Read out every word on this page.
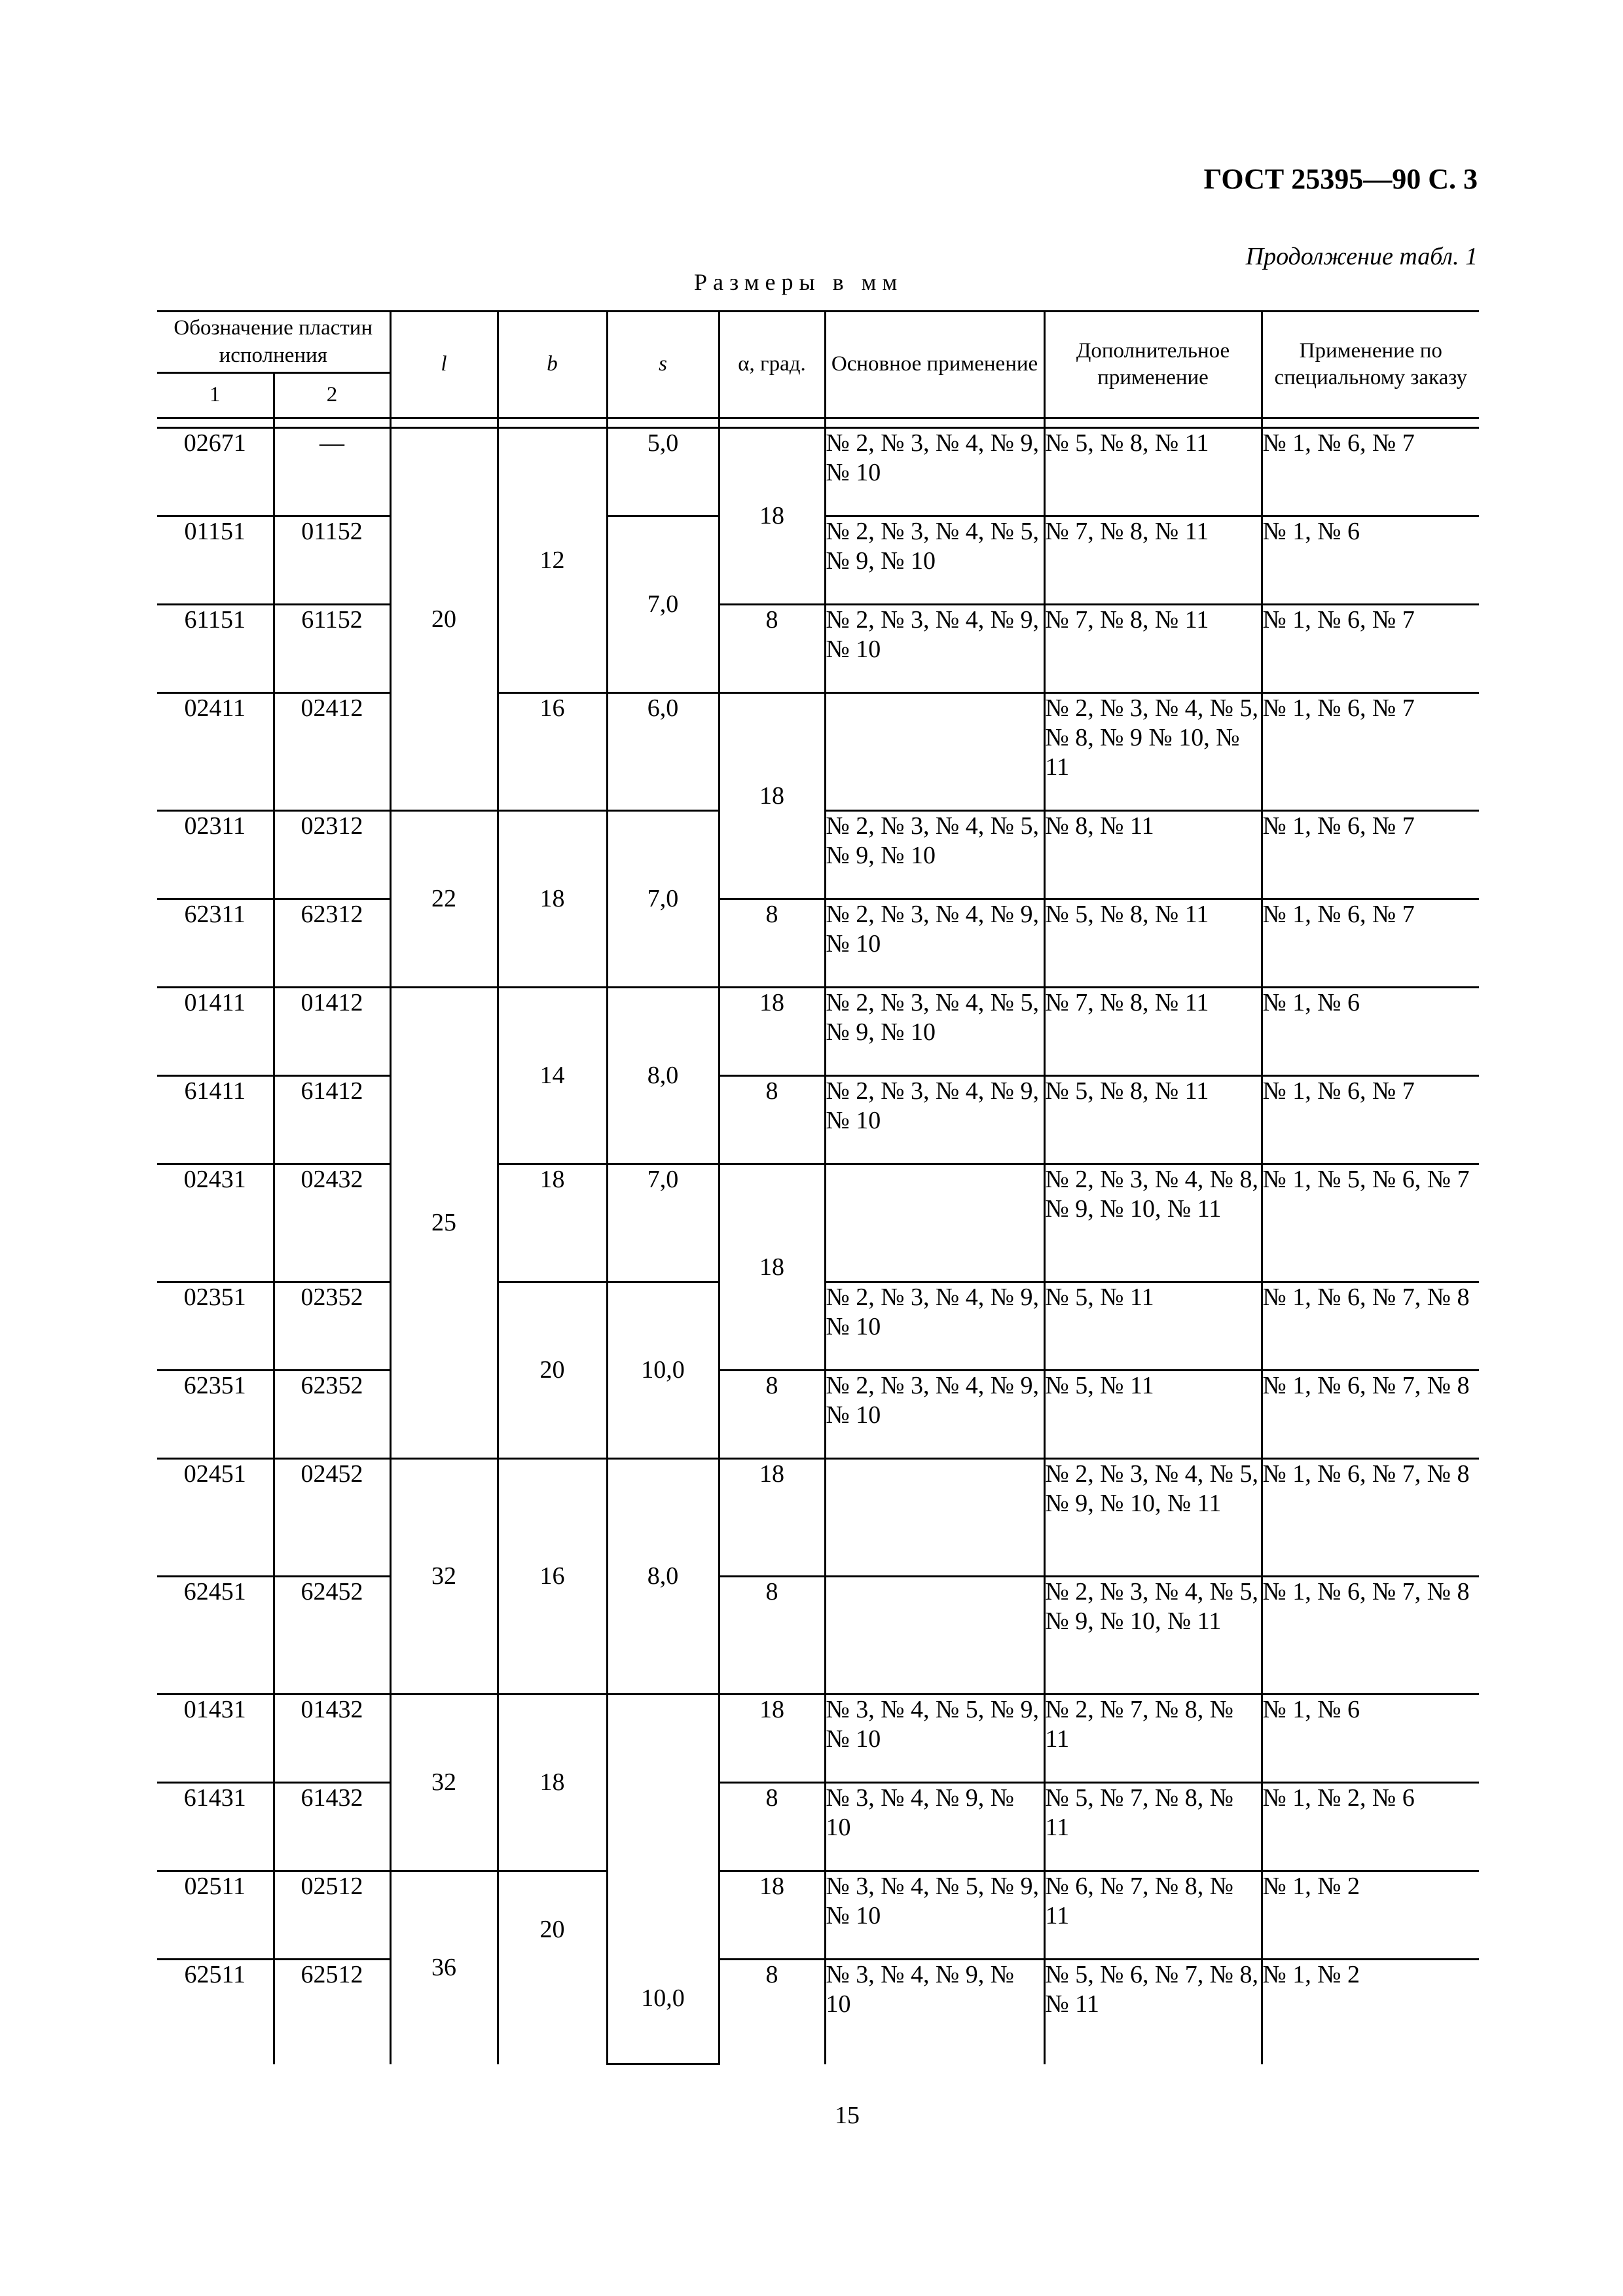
ГОСТ 25395—90 С. 3
Продолжение табл. 1
Размеры в мм
Обозначение пластин исполнения		l	b	s	α, град.	Основное применение	Дополнительное применение	Применение по специальному заказу
1	2							

02671	—	20	12	5,0	18	№ 2, № 3, № 4, № 9, № 10	№ 5, № 8, № 11	№ 1, № 6, № 7
01151	01152			7,0		№ 2, № 3, № 4, № 5, № 9, № 10	№ 7, № 8, № 11	№ 1, № 6
61151	61152				8	№ 2, № 3, № 4, № 9, № 10	№ 7, № 8, № 11	№ 1, № 6, № 7
02411	02412		16	6,0	18		№ 2, № 3, № 4, № 5, № 8, № 9 № 10, № 11	№ 1, № 6, № 7
02311	02312	22	18	7,0		№ 2, № 3, № 4, № 5, № 9, № 10	№ 8, № 11	№ 1, № 6, № 7
62311	62312				8	№ 2, № 3, № 4, № 9, № 10	№ 5, № 8, № 11	№ 1, № 6, № 7
01411	01412	25	14	8,0	18	№ 2, № 3, № 4, № 5, № 9, № 10	№ 7, № 8, № 11	№ 1, № 6
61411	61412				8	№ 2, № 3, № 4, № 9, № 10	№ 5, № 8, № 11	№ 1, № 6, № 7
02431	02432		18	7,0	18		№ 2, № 3, № 4, № 8, № 9, № 10, № 11	№ 1, № 5, № 6, № 7
02351	02352		20	10,0		№ 2, № 3, № 4, № 9, № 10	№ 5, № 11	№ 1, № 6, № 7, № 8
62351	62352				8	№ 2, № 3, № 4, № 9, № 10	№ 5, № 11	№ 1, № 6, № 7, № 8
02451	02452	32	16	8,0	18		№ 2, № 3, № 4, № 5, № 9, № 10, № 11	№ 1, № 6, № 7, № 8
62451	62452				8		№ 2, № 3, № 4, № 5, № 9, № 10, № 11	№ 1, № 6, № 7, № 8
01431	01432	32	18	10,0	18	№ 3, № 4, № 5, № 9, № 10	№ 2, № 7, № 8, № 11	№ 1, № 6
61431	61432				8	№ 3, № 4, № 9, № 10	№ 5, № 7, № 8, № 11	№ 1, № 2, № 6
02511	02512	36	20		18	№ 3, № 4, № 5, № 9, № 10	№ 6, № 7, № 8, № 11	№ 1, № 2
62511	62512				8	№ 3, № 4, № 9, № 10	№ 5, № 6, № 7, № 8, № 11	№ 1, № 2
15
